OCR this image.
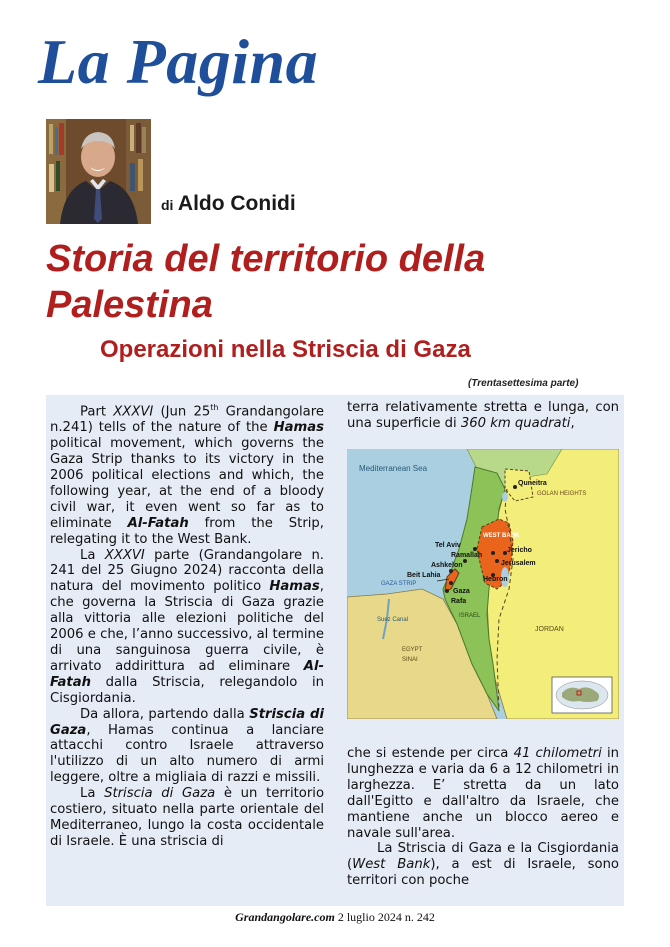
La Pagina
di Aldo Conidi
Storia del territorio della Palestina
Operazioni nella Striscia di Gaza
(Trentasettesima parte)

Part XXXVI (Jun 25th Grandangolare n.241) tells of the nature of the Hamas political movement, which governs the Gaza Strip thanks to its victory in the 2006 political elections and which, the following year, at the end of a bloody civil war, it even went so far as to eliminate Al-Fatah from the Strip, relegating it to the West Bank.

La XXXVI parte (Grandangolare n. 241 del 25 Giugno 2024) racconta della natura del movimento politico Hamas, che governa la Striscia di Gaza grazie alla vittoria alle elezioni politiche del 2006 e che, l’anno successivo, al termine di una sanguinosa guerra civile, è arrivato addirittura ad eliminare Al-Fatah dalla Striscia, relegandolo in Cisgiordania.

Da allora, partendo dalla Striscia di Gaza, Hamas continua a lanciare attacchi contro Israele attraverso l'utilizzo di un alto numero di armi leggere, oltre a migliaia di razzi e missili.

La Striscia di Gaza è un territorio costiero, situato nella parte orientale del Mediterraneo, lungo la costa occidentale di Israele. È una striscia di

terra relativamente stretta e lunga, con una superficie di 360 km quadrati,

Mediterranean Sea
Quneitra
GOLAN HEIGHTS
WEST BANK
Tel Aviv
Ramallah
Jericho
Jerusalem
Ashkelon
Beit Lahia
GAZA STRIP
Hebron
Gaza
Rafa
ISRAEL
Suez Canal
EGYPT
SINAI
JORDAN

che si estende per circa 41 chilometri in lunghezza e varia da 6 a 12 chilometri in larghezza. E’ stretta da un lato dall'Egitto e dall'altro da Israele, che mantiene anche un blocco aereo e navale sull'area.

La Striscia di Gaza e la Cisgiordania (West Bank), a est di Israele, sono territori con poche

Grandangolare.com 2 luglio 2024 n. 242
